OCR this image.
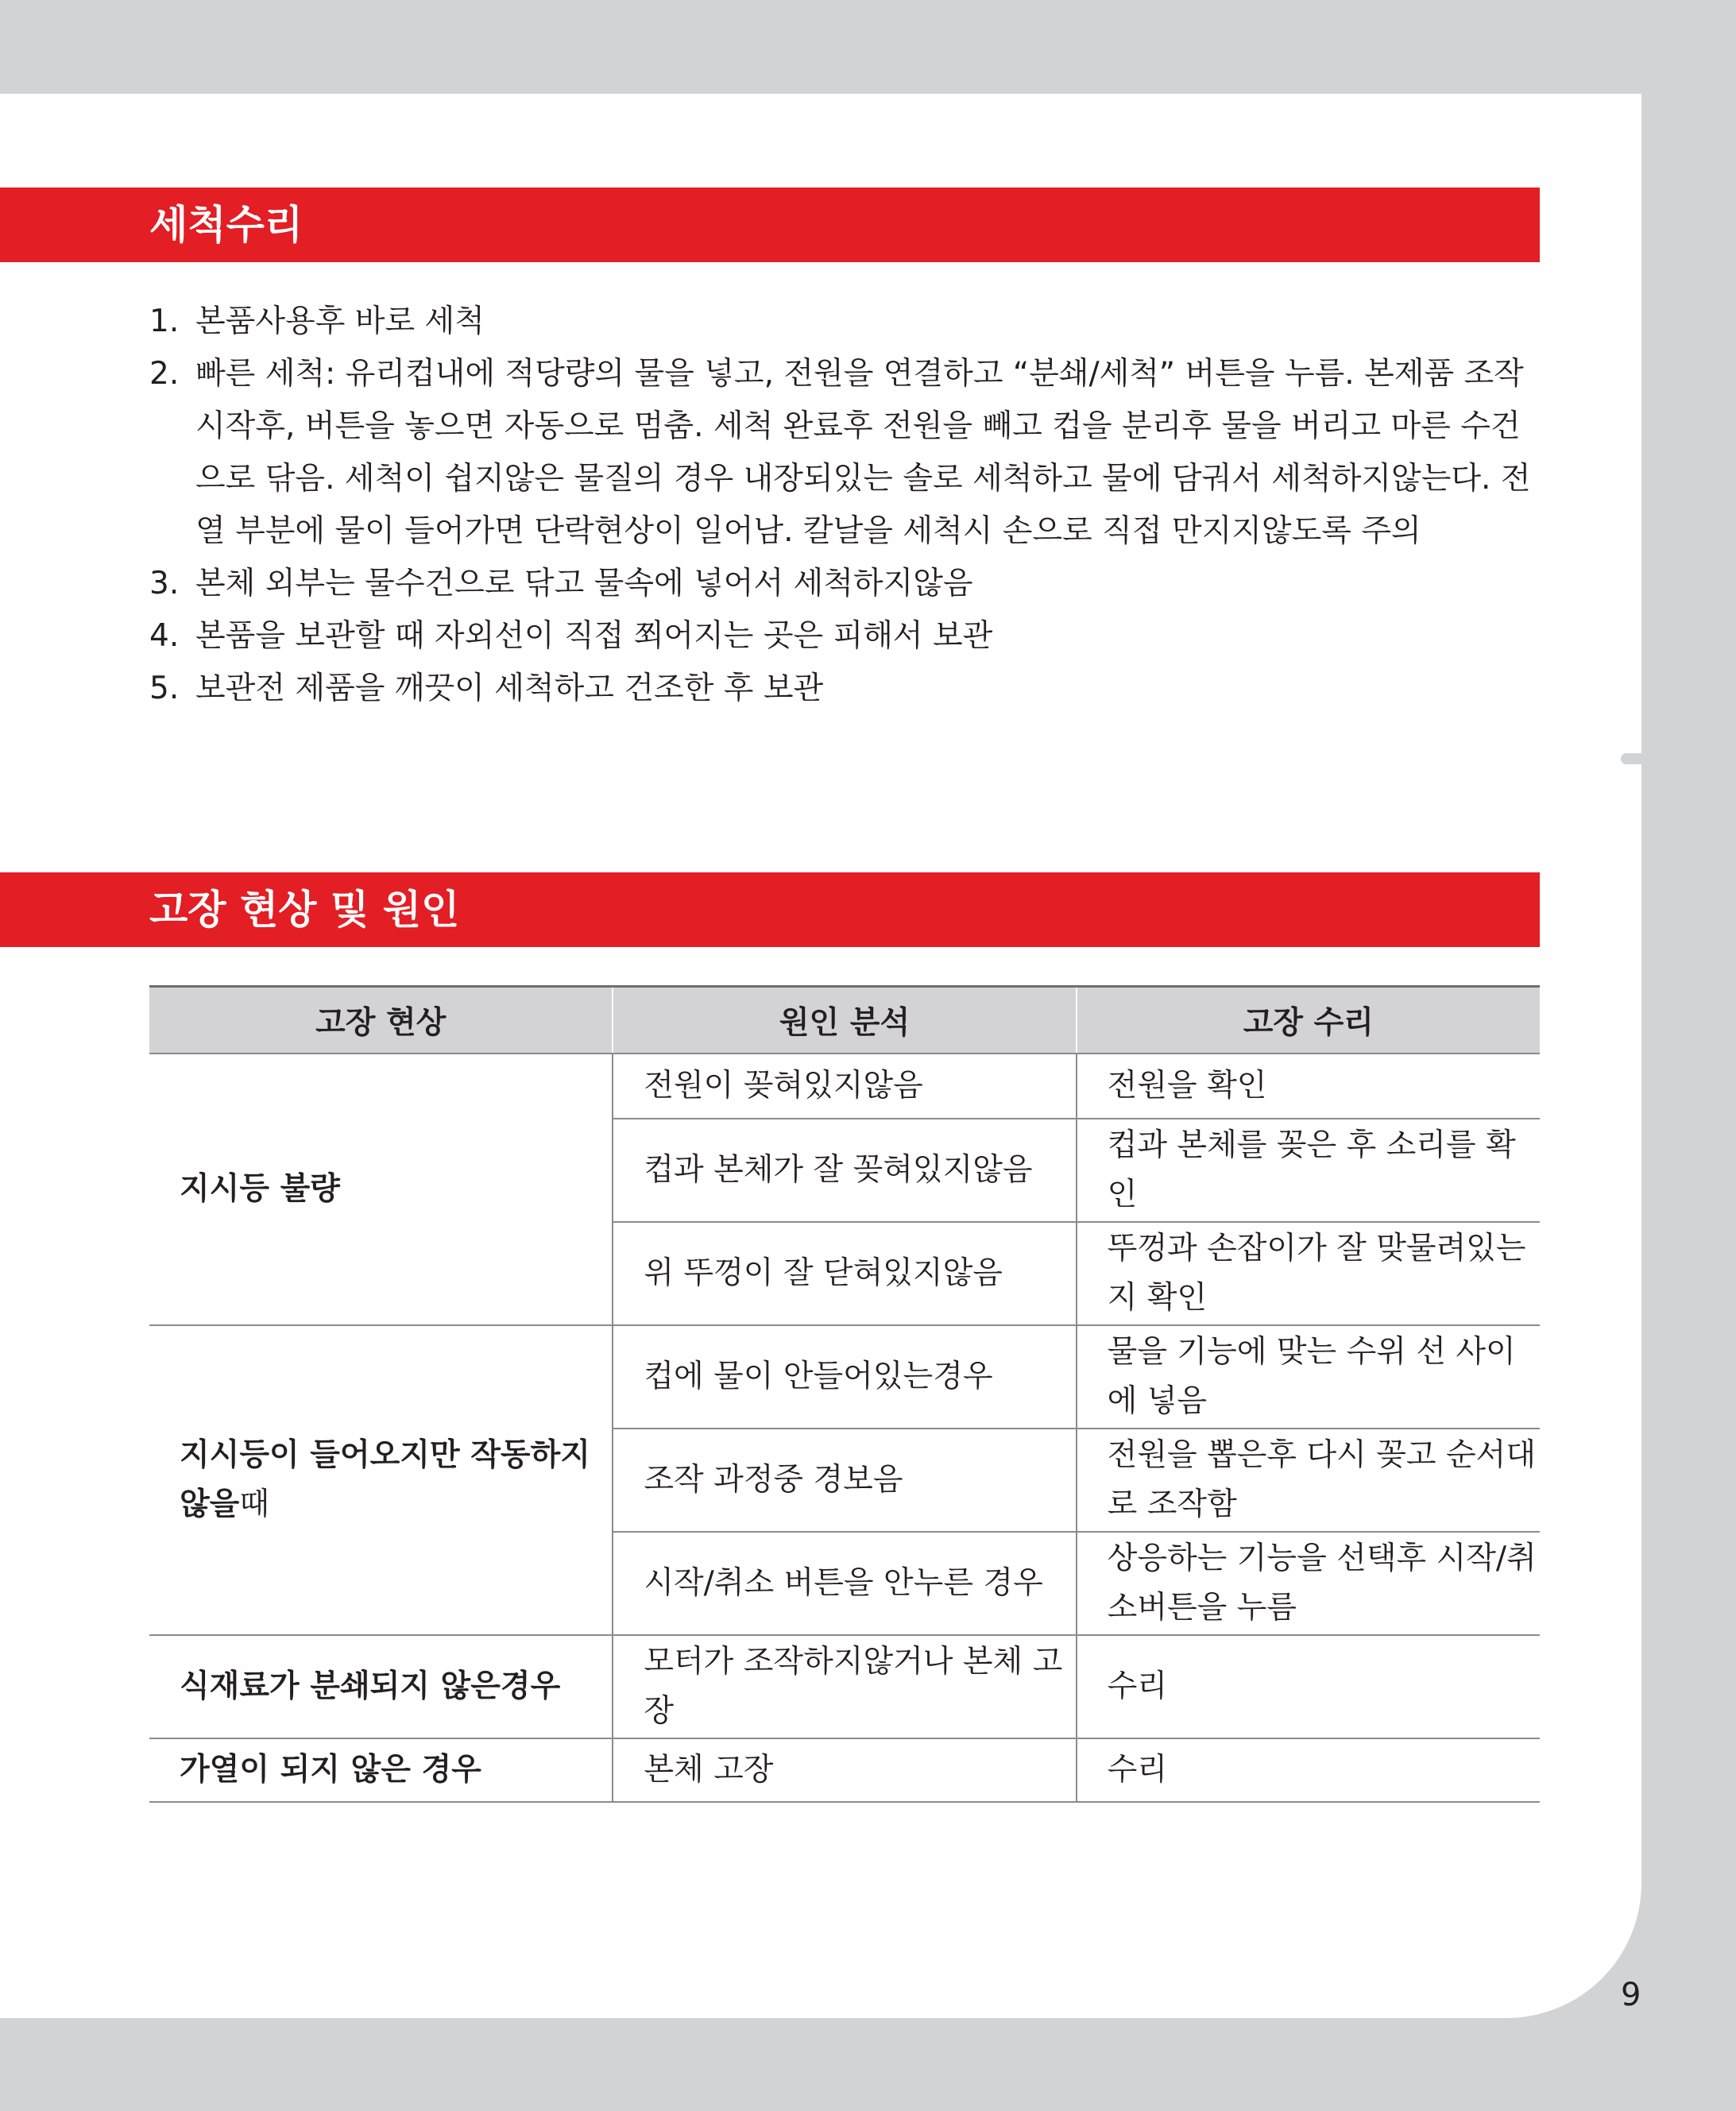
세척수리
1. 본품사용후 바로 세척
2. 빠른 세척: 유리컵내에 적당량의 물을 넣고, 전원을 연결하고 “분쇄/세척” 버튼을 누름. 본제품 조작 시작후, 버튼을 놓으면 자동으로 멈춤. 세척 완료후 전원을 빼고 컵을 분리후 물을 버리고 마른 수건으로 닦음. 세척이 쉽지않은 물질의 경우 내장되있는 솔로 세척하고 물에 담궈서 세척하지않는다. 전열 부분에 물이 들어가면 단락현상이 일어남. 칼날을 세척시 손으로 직접 만지지않도록 주의
3. 본체 외부는 물수건으로 닦고 물속에 넣어서 세척하지않음
4. 본품을 보관할 때 자외선이 직접 쬐어지는 곳은 피해서 보관
5. 보관전 제품을 깨끗이 세척하고 건조한 후 보관
고장 현상 및 원인
고장 현상	원인 분석	고장 수리
지시등 불량	전원이 꽂혀있지않음	전원을 확인
	컵과 본체가 잘 꽂혀있지않음	컵과 본체를 꽂은 후 소리를 확인
	위 뚜껑이 잘 닫혀있지않음	뚜껑과 손잡이가 잘 맞물려있는지 확인
지시등이 들어오지만 작동하지 않을때	컵에 물이 안들어있는경우	물을 기능에 맞는 수위 선 사이에 넣음
	조작 과정중 경보음	전원을 뽑은후 다시 꽂고 순서대로 조작함
	시작/취소 버튼을 안누른 경우	상응하는 기능을 선택후 시작/취소버튼을 누름
식재료가 분쇄되지 않은경우	모터가 조작하지않거나 본체 고장	수리
가열이 되지 않은 경우	본체 고장	수리
9
